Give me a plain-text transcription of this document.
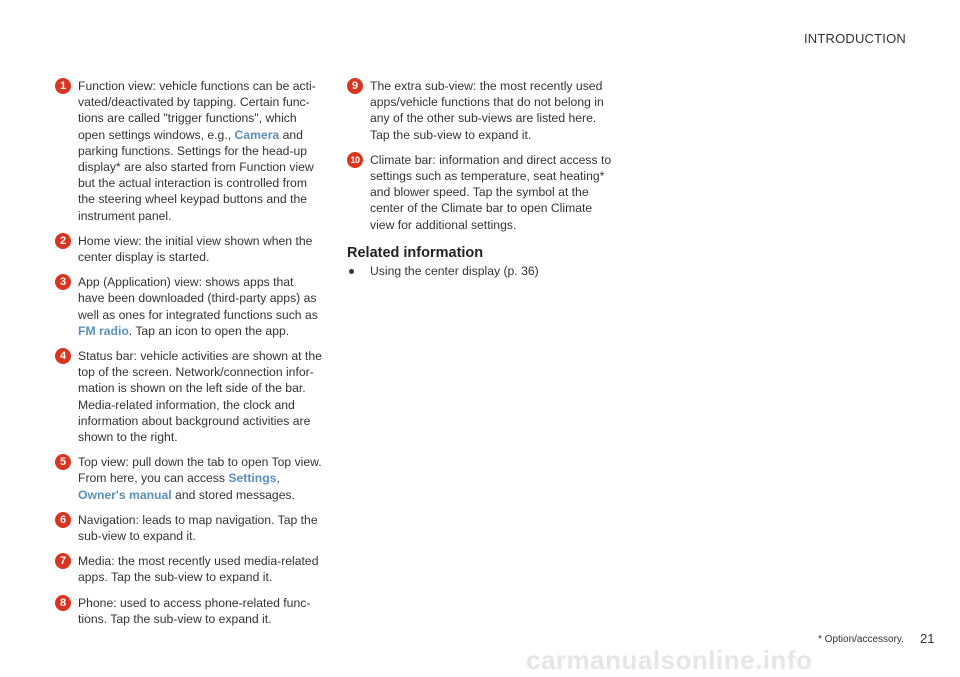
INTRODUCTION
1 Function view: vehicle functions can be acti- vated/deactivated by tapping. Certain func- tions are called "trigger functions", which open settings windows, e.g., Camera and parking functions. Settings for the head-up display* are also started from Function view but the actual interaction is controlled from the steering wheel keypad buttons and the instrument panel.
2 Home view: the initial view shown when the center display is started.
3 App (Application) view: shows apps that have been downloaded (third-party apps) as well as ones for integrated functions such as FM radio. Tap an icon to open the app.
4 Status bar: vehicle activities are shown at the top of the screen. Network/connection infor- mation is shown on the left side of the bar. Media-related information, the clock and information about background activities are shown to the right.
5 Top view: pull down the tab to open Top view. From here, you can access Settings, Owner's manual and stored messages.
6 Navigation: leads to map navigation. Tap the sub-view to expand it.
7 Media: the most recently used media-related apps. Tap the sub-view to expand it.
8 Phone: used to access phone-related func- tions. Tap the sub-view to expand it.
9 The extra sub-view: the most recently used apps/vehicle functions that do not belong in any of the other sub-views are listed here. Tap the sub-view to expand it.
10 Climate bar: information and direct access to settings such as temperature, seat heating* and blower speed. Tap the symbol at the center of the Climate bar to open Climate view for additional settings.
Related information
Using the center display (p. 36)
* Option/accessory. 21
carmanualsonline.info
